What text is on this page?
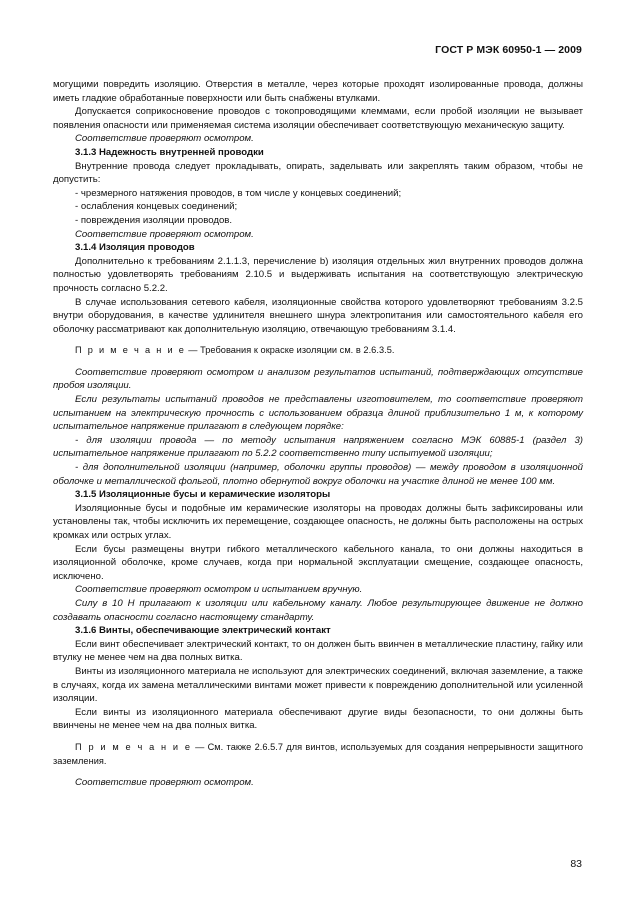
ГОСТ Р МЭК 60950-1 — 2009

могущими повредить изоляцию. Отверстия в металле, через которые проходят изолированные провода, должны иметь гладкие обработанные поверхности или быть снабжены втулками.

Допускается соприкосновение проводов с токопроводящими клеммами, если пробой изоляции не вызывает появления опасности или применяемая система изоляции обеспечивает соответствующую механическую защиту.

Соответствие проверяют осмотром.

3.1.3 Надежность внутренней проводки

Внутренние провода следует прокладывать, опирать, заделывать или закреплять таким образом, чтобы не допустить:

- чрезмерного натяжения проводов, в том числе у концевых соединений;

- ослабления концевых соединений;

- повреждения изоляции проводов.

Соответствие проверяют осмотром.

3.1.4 Изоляция проводов

Дополнительно к требованиям 2.1.1.3, перечисление b) изоляция отдельных жил внутренних проводов должна полностью удовлетворять требованиям 2.10.5 и выдерживать испытания на соответствующую электрическую прочность согласно 5.2.2.

В случае использования сетевого кабеля, изоляционные свойства которого удовлетворяют требованиям 3.2.5 внутри оборудования, в качестве удлинителя внешнего шнура электропитания или самостоятельного кабеля его оболочку рассматривают как дополнительную изоляцию, отвечающую требованиям 3.1.4.

П р и м е ч а н и е — Требования к окраске изоляции см. в 2.6.3.5.

Соответствие проверяют осмотром и анализом результатов испытаний, подтверждающих отсутствие пробоя изоляции.

Если результаты испытаний проводов не представлены изготовителем, то соответствие проверяют испытанием на электрическую прочность с использованием образца длиной приблизительно 1 м, к которому испытательное напряжение прилагают в следующем порядке:

- для изоляции провода — по методу испытания напряжением согласно МЭК 60885-1 (раздел 3) испытательное напряжение прилагают по 5.2.2 соответственно типу испытуемой изоляции;

- для дополнительной изоляции (например, оболочки группы проводов) — между проводом в изоляционной оболочке и металлической фольгой, плотно обернутой вокруг оболочки на участке длиной не менее 100 мм.

3.1.5 Изоляционные бусы и керамические изоляторы

Изоляционные бусы и подобные им керамические изоляторы на проводах должны быть зафиксированы или установлены так, чтобы исключить их перемещение, создающее опасность, не должны быть расположены на острых кромках или острых углах.

Если бусы размещены внутри гибкого металлического кабельного канала, то они должны находиться в изоляционной оболочке, кроме случаев, когда при нормальной эксплуатации смещение, создающее опасность, исключено.

Соответствие проверяют осмотром и испытанием вручную.

Силу в 10 Н прилагают к изоляции или кабельному каналу. Любое результирующее движение не должно создавать опасности согласно настоящему стандарту.

3.1.6 Винты, обеспечивающие электрический контакт

Если винт обеспечивает электрический контакт, то он должен быть ввинчен в металлические пластину, гайку или втулку не менее чем на два полных витка.

Винты из изоляционного материала не используют для электрических соединений, включая заземление, а также в случаях, когда их замена металлическими винтами может привести к повреждению дополнительной или усиленной изоляции.

Если винты из изоляционного материала обеспечивают другие виды безопасности, то они должны быть ввинчены не менее чем на два полных витка.

П р и м е ч а н и е — См. также 2.6.5.7 для винтов, используемых для создания непрерывности защитного заземления.

Соответствие проверяют осмотром.

83
